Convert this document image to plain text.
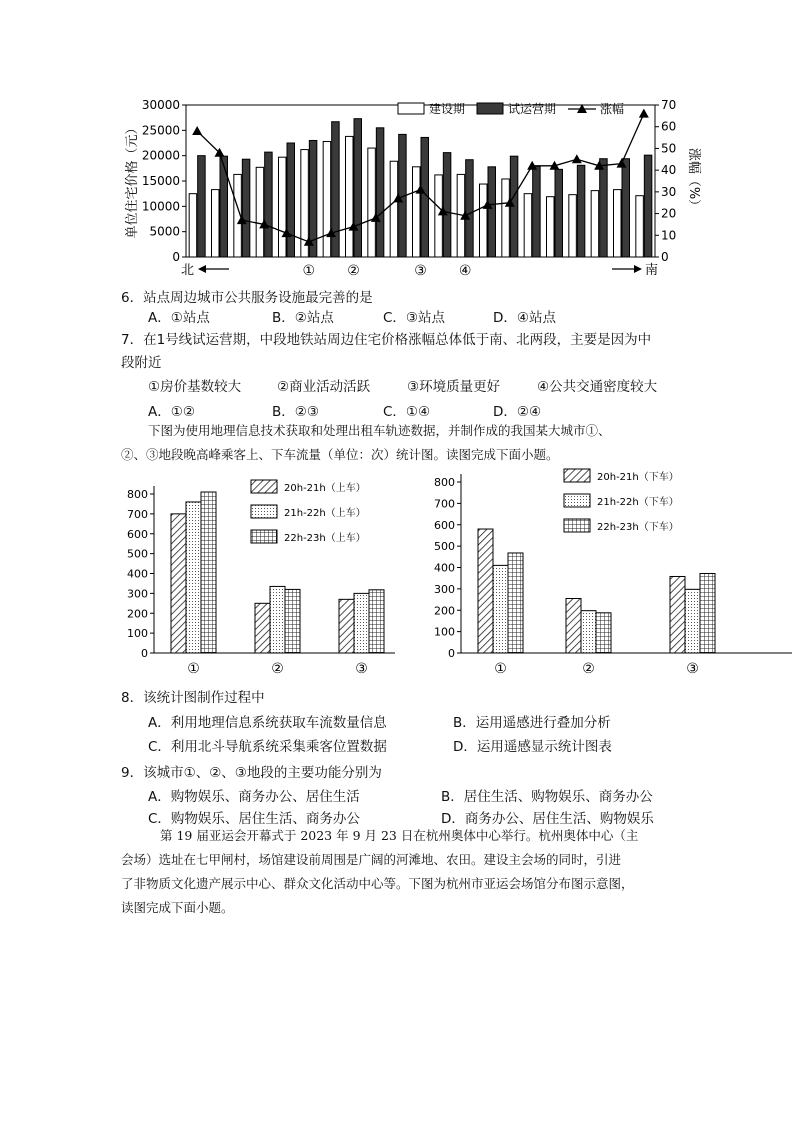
0
5000
10000
15000
20000
25000
30000
0
10
20
30
40
50
60
70
单位住宅价格（元）	涨幅（%）
建设期	试运营期	涨幅
北	南
① ②	③ ④
6．站点周边城市公共服务设施最完善的是
A．①站点	B．②站点	C．③站点	D．④站点
7．在1号线试运营期，中段地铁站周边住宅价格涨幅总体低于南、北两段，主要是因为中
段附近
①房价基数较大	②商业活动活跃	③环境质量更好	④公共交通密度较大
A．①②	B．②③	C．①④	D．②④
下图为使用地理信息技术获取和处理出租车轨迹数据，并制作成的我国某大城市①、
②、③地段晚高峰乘客上、下车流量（单位：次）统计图。读图完成下面小题。
0
100
200
300
400
500
600
700
800
①	②	③
20h-21h（上车）
21h-22h（上车）
22h-23h（上车）
0
100
200
300
400
500
600
700
800
①	②	③
20h-21h（下车）
21h-22h（下车）
22h-23h（下车）
8．该统计图制作过程中
A．利用地理信息系统获取车流数量信息	B．运用遥感进行叠加分析
C．利用北斗导航系统采集乘客位置数据	D．运用遥感显示统计图表
9．该城市①、②、③地段的主要功能分别为
A．购物娱乐、商务办公、居住生活	B．居住生活、购物娱乐、商务办公
C．购物娱乐、居住生活、商务办公	D．商务办公、居住生活、购物娱乐
第 19 届亚运会开幕式于 2023 年 9 月 23 日在杭州奥体中心举行。杭州奥体中心（主
会场）选址在七甲闸村，场馆建设前周围是广阔的河滩地、农田。建设主会场的同时，引进
了非物质文化遗产展示中心、群众文化活动中心等。下图为杭州市亚运会场馆分布图示意图，
读图完成下面小题。
